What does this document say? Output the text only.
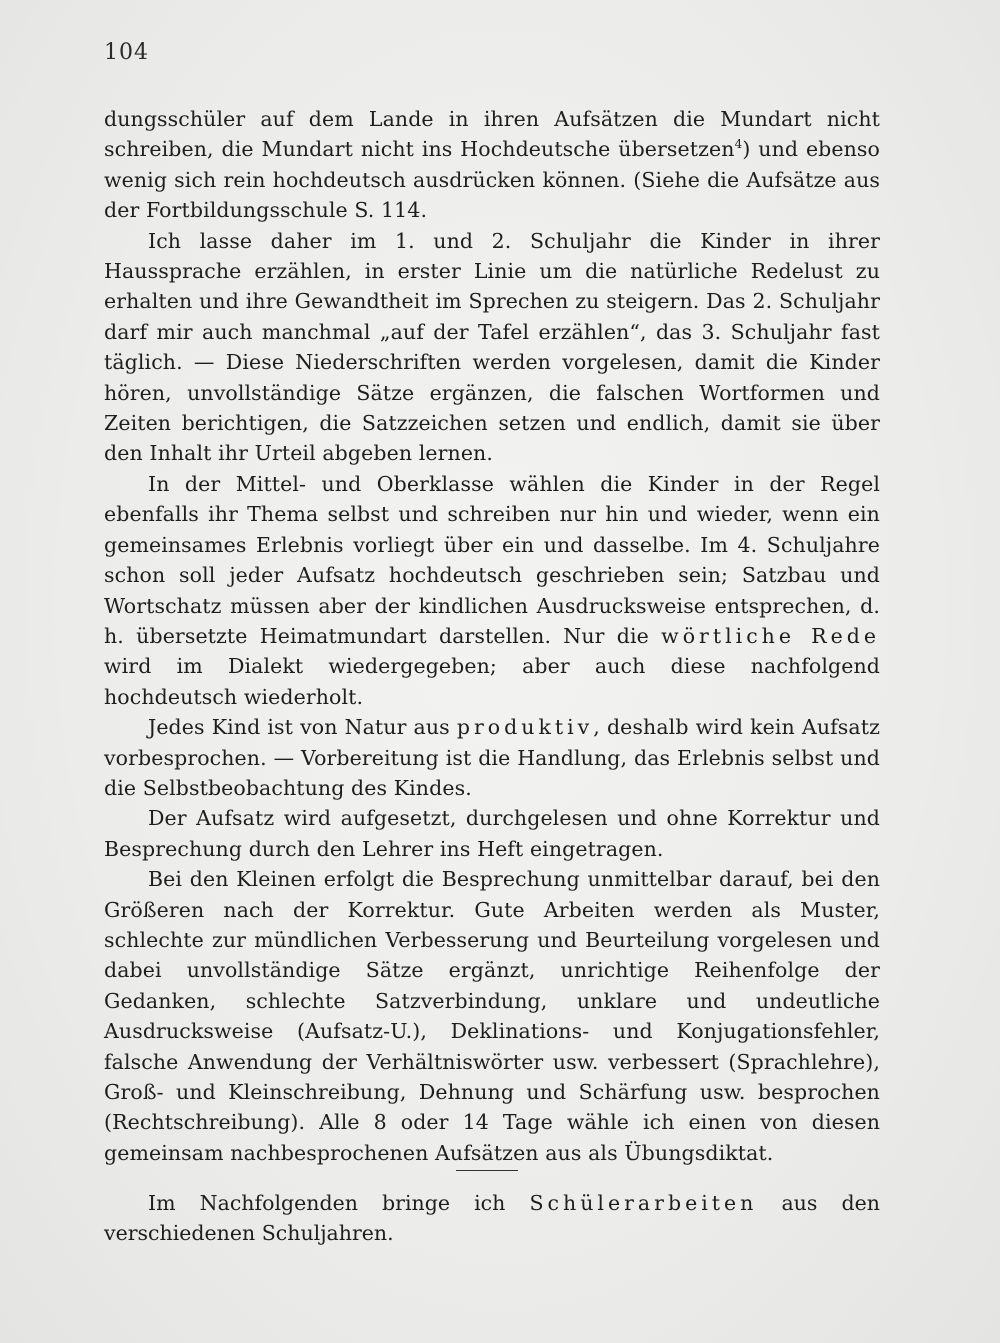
104

dungsschüler auf dem Lande in ihren Aufsätzen die Mundart nicht schreiben, die Mundart nicht ins Hochdeutsche übersetzen$^4$) und ebenso wenig sich rein hochdeutsch ausdrücken können. (Siehe die Aufsätze aus der Fortbildungsschule S. 114.

Ich lasse daher im 1. und 2. Schuljahr die Kinder in ihrer Haussprache erzählen, in erster Linie um die natürliche Redelust zu erhalten und ihre Gewandtheit im Sprechen zu steigern. Das 2. Schuljahr darf mir auch manchmal „auf der Tafel erzählen“, das 3. Schuljahr fast täglich. — Diese Niederschriften werden vorgelesen, damit die Kinder hören, unvollständige Sätze ergänzen, die falschen Wortformen und Zeiten berichtigen, die Satzzeichen setzen und endlich, damit sie über den Inhalt ihr Urteil abgeben lernen.

In der Mittel- und Oberklasse wählen die Kinder in der Regel ebenfalls ihr Thema selbst und schreiben nur hin und wieder, wenn ein gemeinsames Erlebnis vorliegt über ein und dasselbe. Im 4. Schuljahre schon soll jeder Aufsatz hochdeutsch geschrieben sein; Satzbau und Wortschatz müssen aber der kindlichen Ausdrucksweise entsprechen, d. h. übersetzte Heimatmundart darstellen. Nur die wörtliche Rede wird im Dialekt wiedergegeben; aber auch diese nachfolgend hochdeutsch wiederholt.

Jedes Kind ist von Natur aus produktiv, deshalb wird kein Aufsatz vorbesprochen. — Vorbereitung ist die Handlung, das Erlebnis selbst und die Selbstbeobachtung des Kindes.

Der Aufsatz wird aufgesetzt, durchgelesen und ohne Korrektur und Besprechung durch den Lehrer ins Heft eingetragen.

Bei den Kleinen erfolgt die Besprechung unmittelbar darauf, bei den Größeren nach der Korrektur. Gute Arbeiten werden als Muster, schlechte zur mündlichen Verbesserung und Beurteilung vorgelesen und dabei unvollständige Sätze ergänzt, unrichtige Reihenfolge der Gedanken, schlechte Satzverbindung, unklare und undeutliche Ausdrucksweise (Aufsatz-U.), Deklinations- und Konjugationsfehler, falsche Anwendung der Verhältniswörter usw. verbessert (Sprachlehre), Groß- und Kleinschreibung, Dehnung und Schärfung usw. besprochen (Rechtschreibung). Alle 8 oder 14 Tage wähle ich einen von diesen gemeinsam nachbesprochenen Aufsätzen aus als Übungsdiktat.

Im Nachfolgenden bringe ich Schülerarbeiten aus den verschiedenen Schuljahren.
